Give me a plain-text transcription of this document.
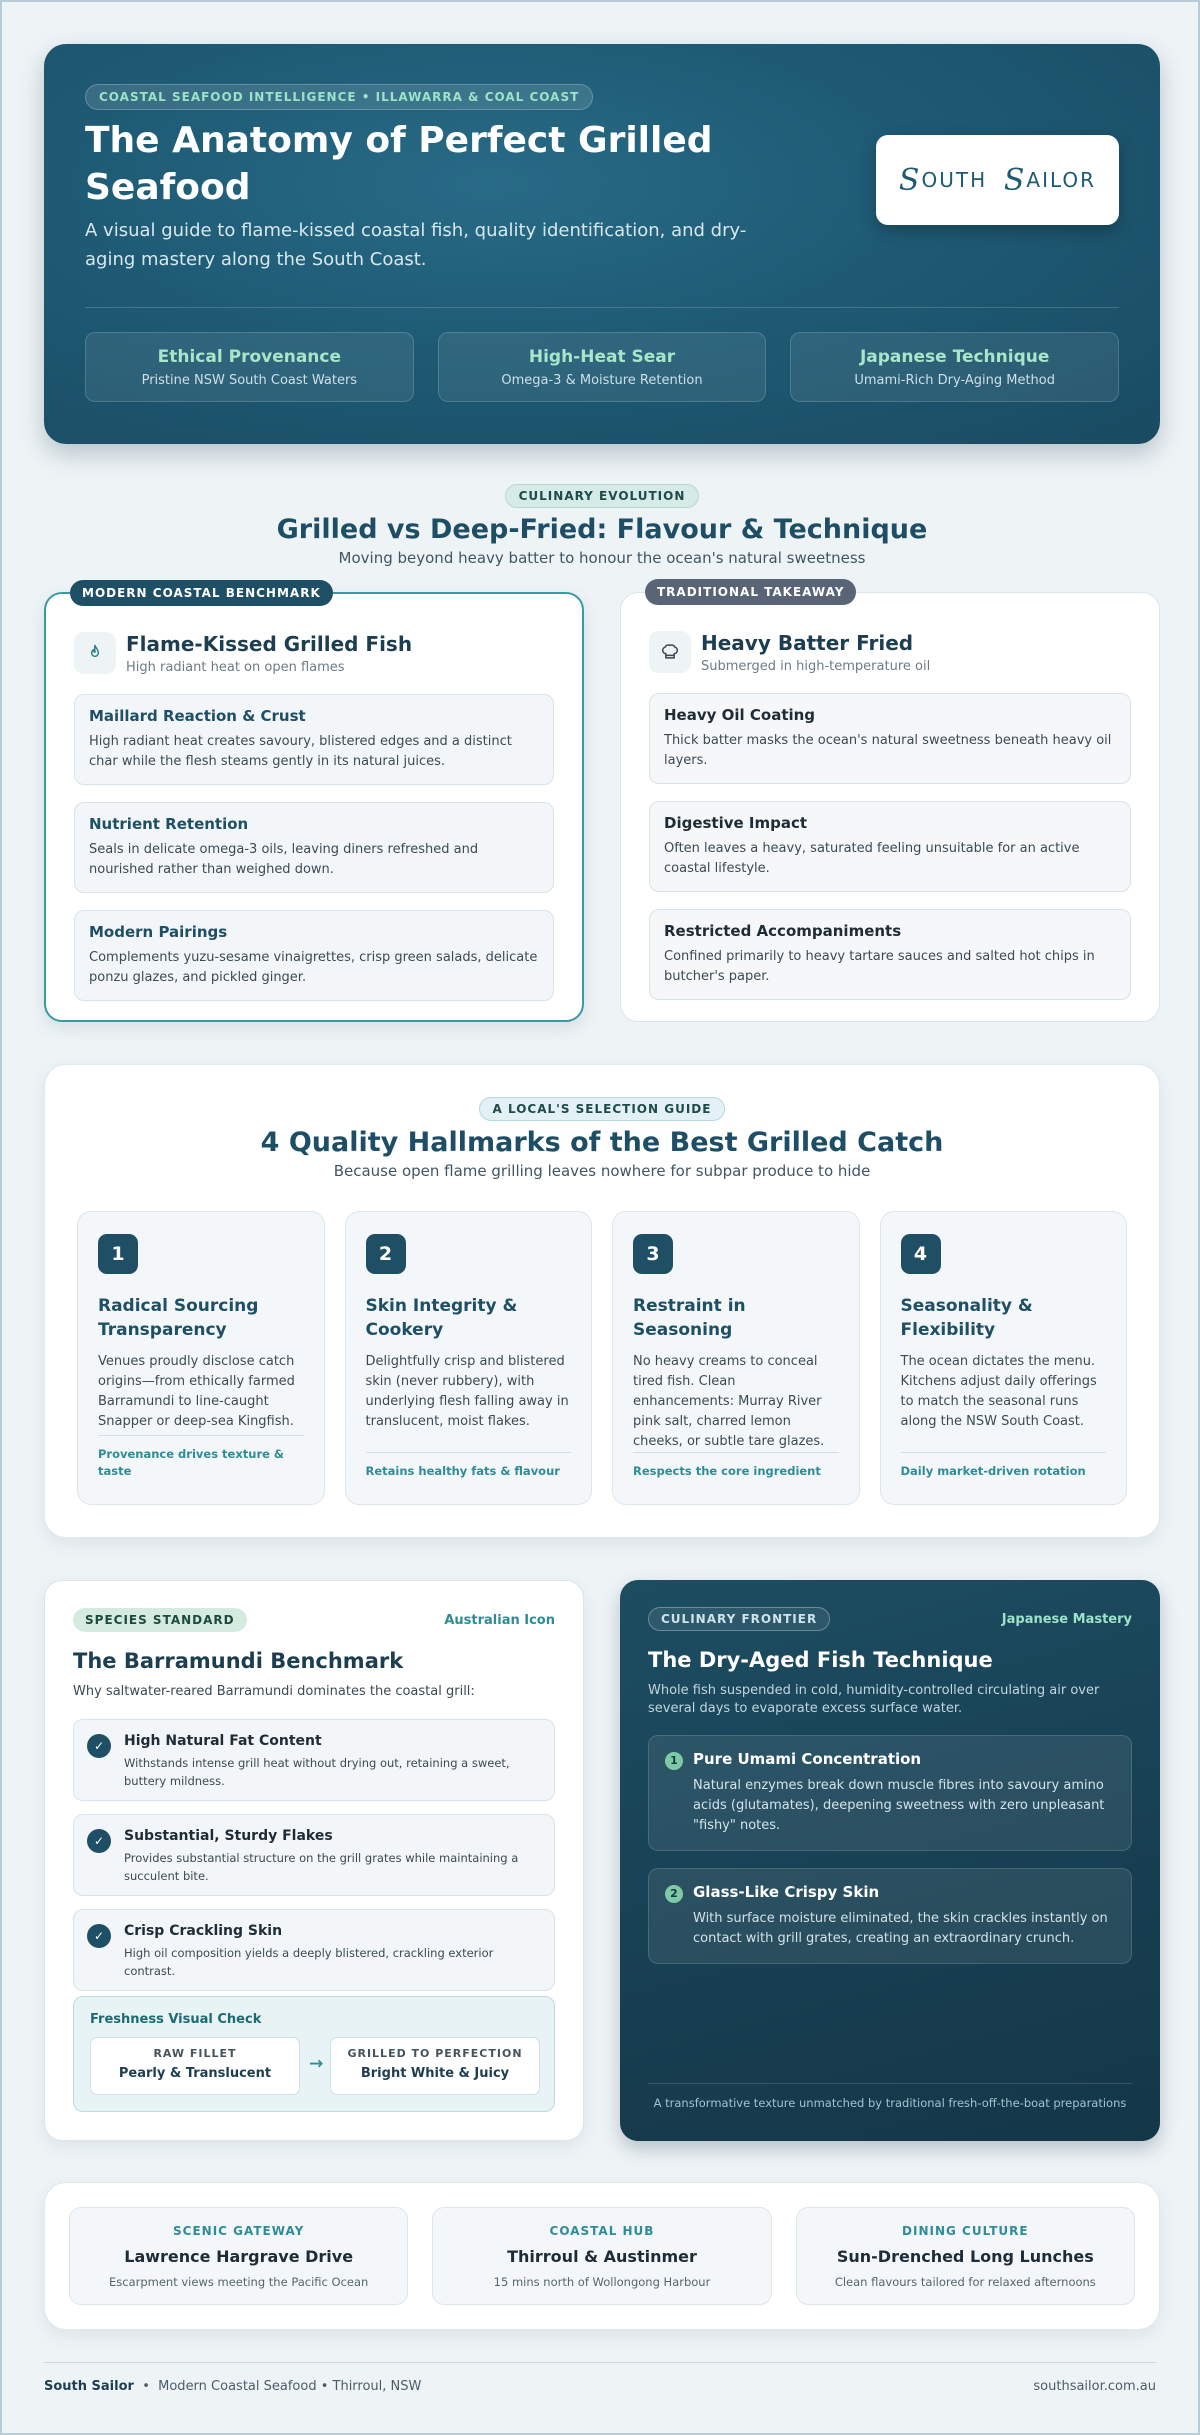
COASTAL SEAFOOD INTELLIGENCE • ILLAWARRA & COAL COAST
The Anatomy of Perfect Grilled Seafood

A visual guide to flame-kissed coastal fish, quality identification, and dry-aging mastery along the South Coast.

S OUTH
S AILOR
Ethical Provenance
Pristine NSW South Coast Waters
High-Heat Sear
Omega-3 & Moisture Retention
Japanese Technique
Umami-Rich Dry-Aging Method
CULINARY EVOLUTION
Grilled vs Deep-Fried: Flavour & Technique
Moving beyond heavy batter to honour the ocean's natural sweetness
MODERN COASTAL BENCHMARK
Flame-Kissed Grilled Fish
High radiant heat on open flames
Maillard Reaction & Crust
High radiant heat creates savoury, blistered edges and a distinct char while the flesh steams gently in its natural juices.
Nutrient Retention
Seals in delicate omega-3 oils, leaving diners refreshed and nourished rather than weighed down.
Modern Pairings
Complements yuzu-sesame vinaigrettes, crisp green salads, delicate ponzu glazes, and pickled ginger.
TRADITIONAL TAKEAWAY
Heavy Batter Fried
Submerged in high-temperature oil
Heavy Oil Coating
Thick batter masks the ocean's natural sweetness beneath heavy oil layers.
Digestive Impact
Often leaves a heavy, saturated feeling unsuitable for an active coastal lifestyle.
Restricted Accompaniments
Confined primarily to heavy tartare sauces and salted hot chips in butcher's paper.
A LOCAL'S SELECTION GUIDE
4 Quality Hallmarks of the Best Grilled Catch
Because open flame grilling leaves nowhere for subpar produce to hide
1
Radical Sourcing Transparency
Venues proudly disclose catch origins—from ethically farmed Barramundi to line-caught Snapper or deep-sea Kingfish.
Provenance drives texture & taste
2
Skin Integrity & Cookery
Delightfully crisp and blistered skin (never rubbery), with underlying flesh falling away in translucent, moist flakes.
Retains healthy fats & flavour
3
Restraint in Seasoning
No heavy creams to conceal tired fish. Clean enhancements: Murray River pink salt, charred lemon cheeks, or subtle tare glazes.
Respects the core ingredient
4
Seasonality & Flexibility
The ocean dictates the menu. Kitchens adjust daily offerings to match the seasonal runs along the NSW South Coast.
Daily market-driven rotation
SPECIES STANDARD	Australian Icon
The Barramundi Benchmark
Why saltwater-reared Barramundi dominates the coastal grill:
✓	High Natural Fat Content
Withstands intense grill heat without drying out, retaining a sweet, buttery mildness.
✓	Substantial, Sturdy Flakes
Provides substantial structure on the grill grates while maintaining a succulent bite.
✓	Crisp Crackling Skin
High oil composition yields a deeply blistered, crackling exterior contrast.
Freshness Visual Check
RAW FILLET
Pearly & Translucent	→
GRILLED TO PERFECTION
Bright White & Juicy
CULINARY FRONTIER	Japanese Mastery
The Dry-Aged Fish Technique
Whole fish suspended in cold, humidity-controlled circulating air over several days to evaporate excess surface water.
1	Pure Umami Concentration
Natural enzymes break down muscle fibres into savoury amino acids (glutamates), deepening sweetness with zero unpleasant "fishy" notes.
2	Glass-Like Crispy Skin
With surface moisture eliminated, the skin crackles instantly on contact with grill grates, creating an extraordinary crunch.
A transformative texture unmatched by traditional fresh-off-the-boat preparations
SCENIC GATEWAY
Lawrence Hargrave Drive
Escarpment views meeting the Pacific Ocean
COASTAL HUB
Thirroul & Austinmer
15 mins north of Wollongong Harbour
DINING CULTURE
Sun-Drenched Long Lunches
Clean flavours tailored for relaxed afternoons
South Sailor • Modern Coastal Seafood • Thirroul, NSW	southsailor.com.au
